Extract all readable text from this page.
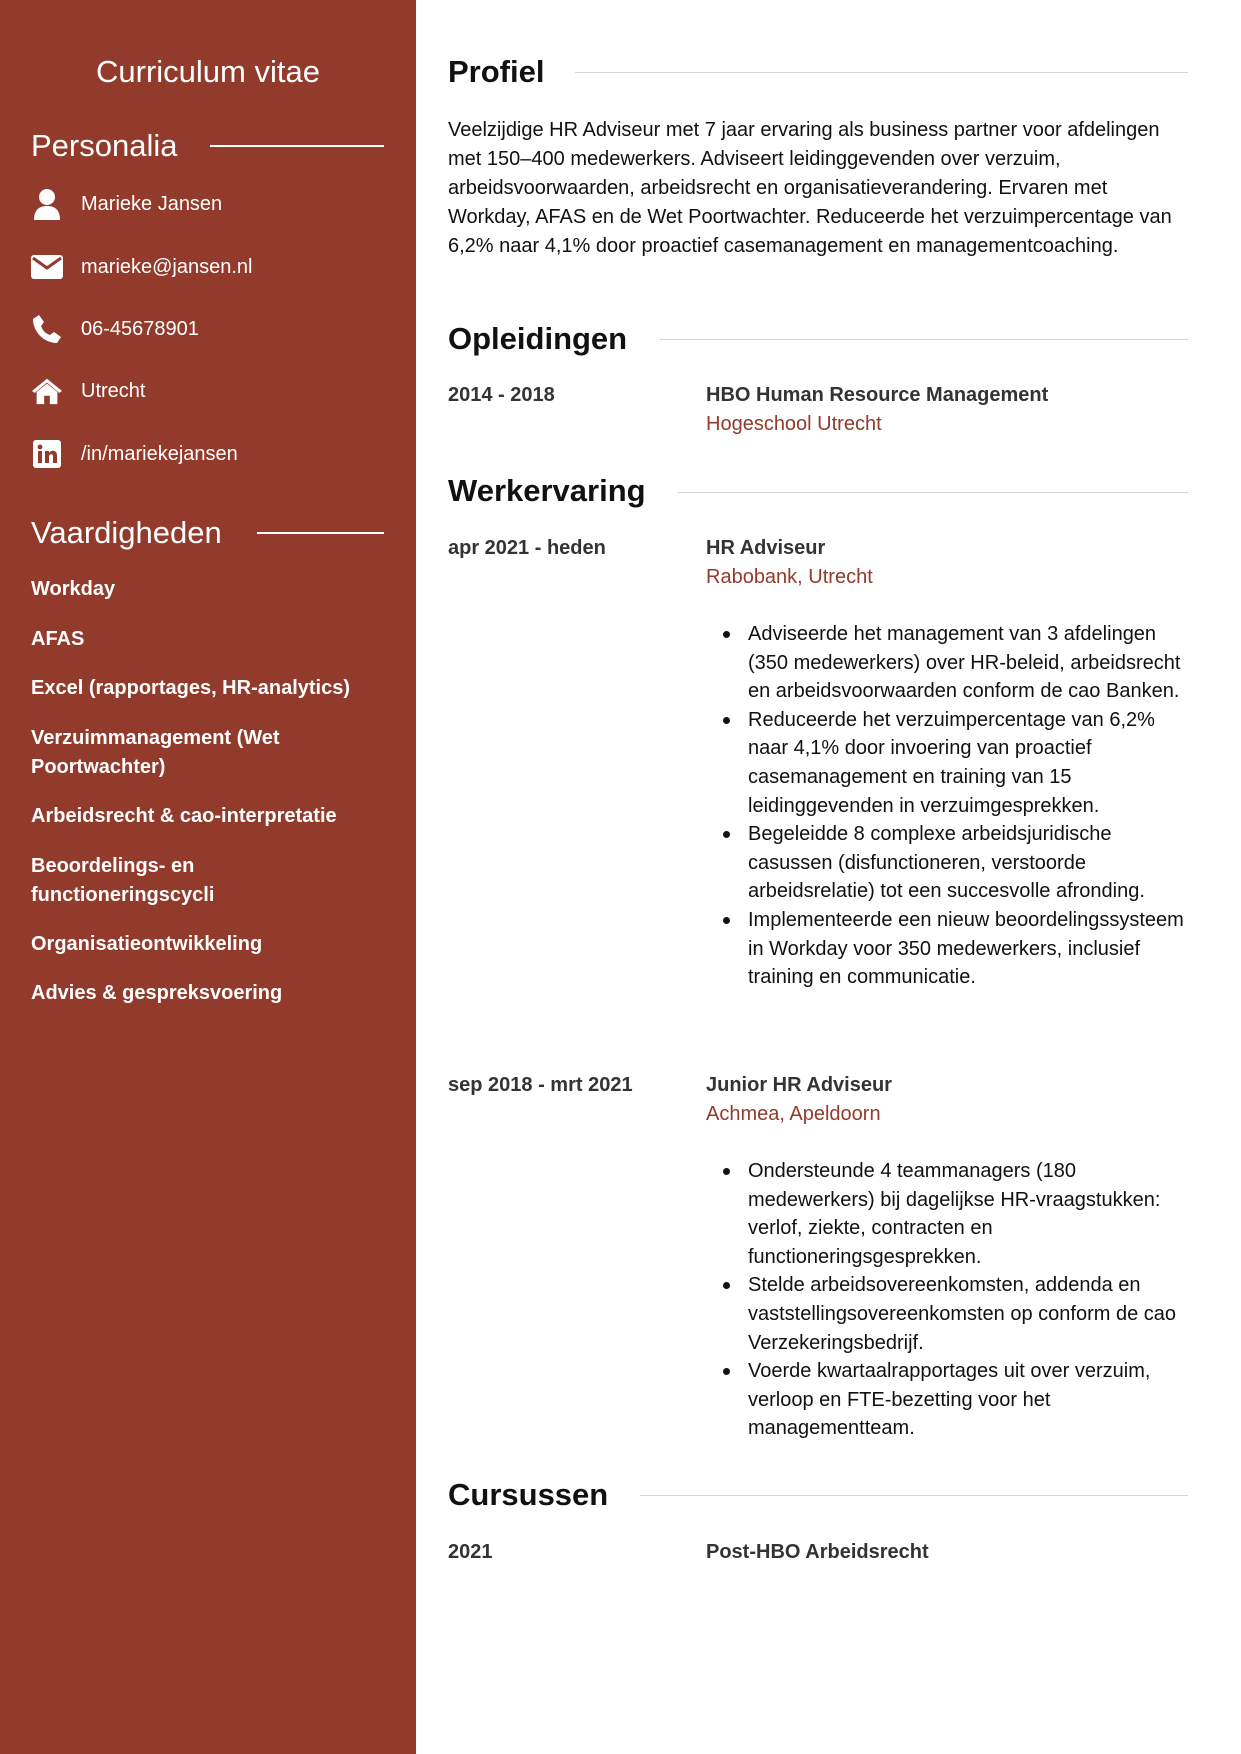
Curriculum vitae
Personalia
Marieke Jansen
marieke@jansen.nl
06-45678901
Utrecht
/in/mariekejansen
Vaardigheden
Workday
AFAS
Excel (rapportages, HR-analytics)
Verzuimmanagement (Wet Poortwachter)
Arbeidsrecht & cao-interpretatie
Beoordelings- en functioneringscycli
Organisatieontwikkeling
Advies & gespreksvoering
Profiel

Veelzijdige HR Adviseur met 7 jaar ervaring als business partner voor afdelingen met 150–400 medewerkers. Adviseert leidinggevenden over verzuim, arbeidsvoorwaarden, arbeidsrecht en organisatieverandering. Ervaren met Workday, AFAS en de Wet Poortwachter. Reduceerde het verzuimpercentage van 6,2% naar 4,1% door proactief casemanagement en managementcoaching.

Opleidingen
2014 - 2018	HBO Human Resource Management
Hogeschool Utrecht
Werkervaring
apr 2021 - heden	HR Adviseur
Rabobank, Utrecht
Adviseerde het management van 3 afdelingen (350 medewerkers) over HR-beleid, arbeidsrecht en arbeidsvoorwaarden conform de cao Banken.
Reduceerde het verzuimpercentage van 6,2% naar 4,1% door invoering van proactief casemanagement en training van 15 leidinggevenden in verzuimgesprekken.
Begeleidde 8 complexe arbeidsjuridische casussen (disfunctioneren, verstoorde arbeidsrelatie) tot een succesvolle afronding.
Implementeerde een nieuw beoordelingssysteem in Workday voor 350 medewerkers, inclusief training en communicatie.
sep 2018 - mrt 2021	Junior HR Adviseur
Achmea, Apeldoorn
Ondersteunde 4 teammanagers (180 medewerkers) bij dagelijkse HR-vraagstukken: verlof, ziekte, contracten en functioneringsgesprekken.
Stelde arbeidsovereenkomsten, addenda en vaststellingsovereenkomsten op conform de cao Verzekeringsbedrijf.
Voerde kwartaalrapportages uit over verzuim, verloop en FTE-bezetting voor het managementteam.
Cursussen
2021	Post-HBO Arbeidsrecht
